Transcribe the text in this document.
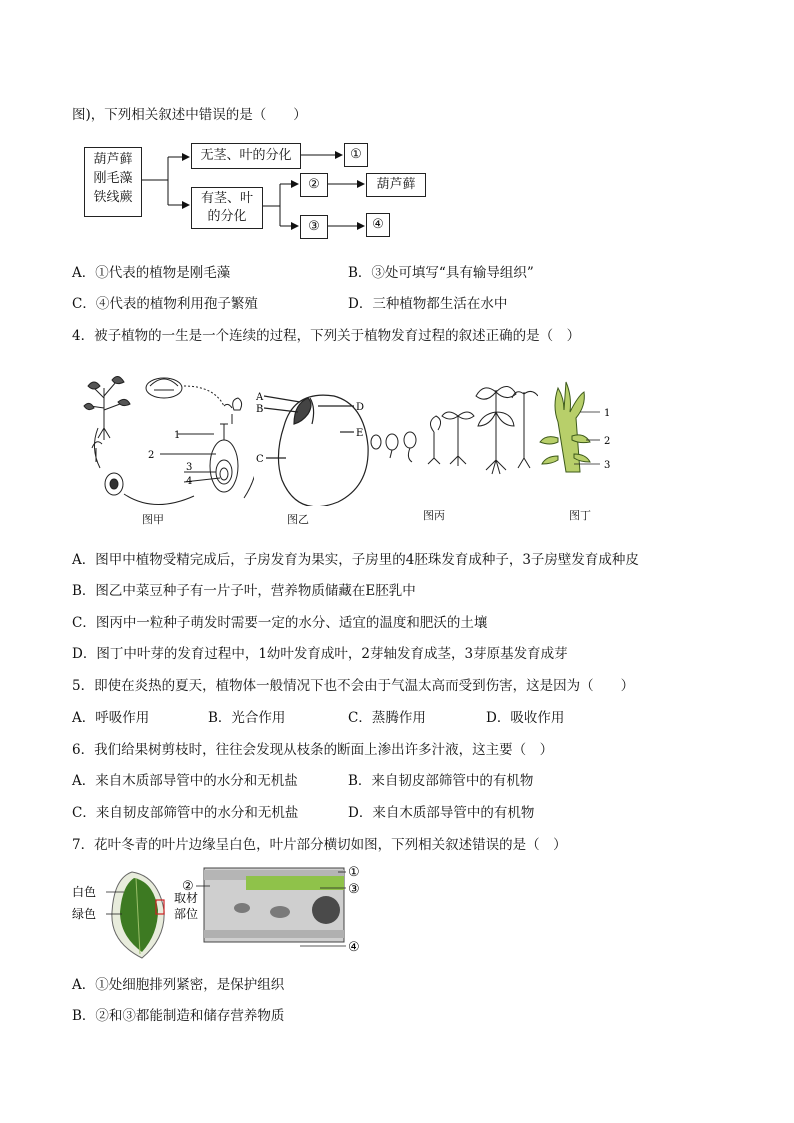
图)，下列相关叙述中错误的是（　　）
葫芦藓
刚毛藻
铁线蕨
无茎、叶的分化	①
有茎、叶
的分化
②	葫芦藓
③	④
A．①代表的植物是刚毛藻	B．③处可填写“具有输导组织”
C．④代表的植物利用孢子繁殖	D．三种植物都生活在水中
4．被子植物的一生是一个连续的过程，下列关于植物发育过程的叙述正确的是（　）
1
2
3
4
图甲
A
B
C
D
E
图乙	图丙
1
2
3
图丁
A．图甲中植物受精完成后，子房发育为果实，子房里的4胚珠发育成种子，3子房壁发育成种皮
B．图乙中菜豆种子有一片子叶，营养物质储藏在E胚乳中
C．图丙中一粒种子萌发时需要一定的水分、适宜的温度和肥沃的土壤
D．图丁中叶芽的发育过程中，1幼叶发育成叶，2芽轴发育成茎，3芽原基发育成芽
5．即使在炎热的夏天，植物体一般情况下也不会由于气温太高而受到伤害，这是因为（　　）
A．呼吸作用	B．光合作用	C．蒸腾作用	D．吸收作用
6．我们给果树剪枝时，往往会发现从枝条的断面上渗出许多汁液，这主要（　）
A．来自木质部导管中的水分和无机盐	B．来自韧皮部筛管中的有机物
C．来自韧皮部筛管中的水分和无机盐	D．来自木质部导管中的有机物
7．花叶冬青的叶片边缘呈白色，叶片部分横切如图，下列相关叙述错误的是（　）
白色
绿色
取材
部位
②
①
③
④
A．①处细胞排列紧密，是保护组织
B．②和③都能制造和储存营养物质
